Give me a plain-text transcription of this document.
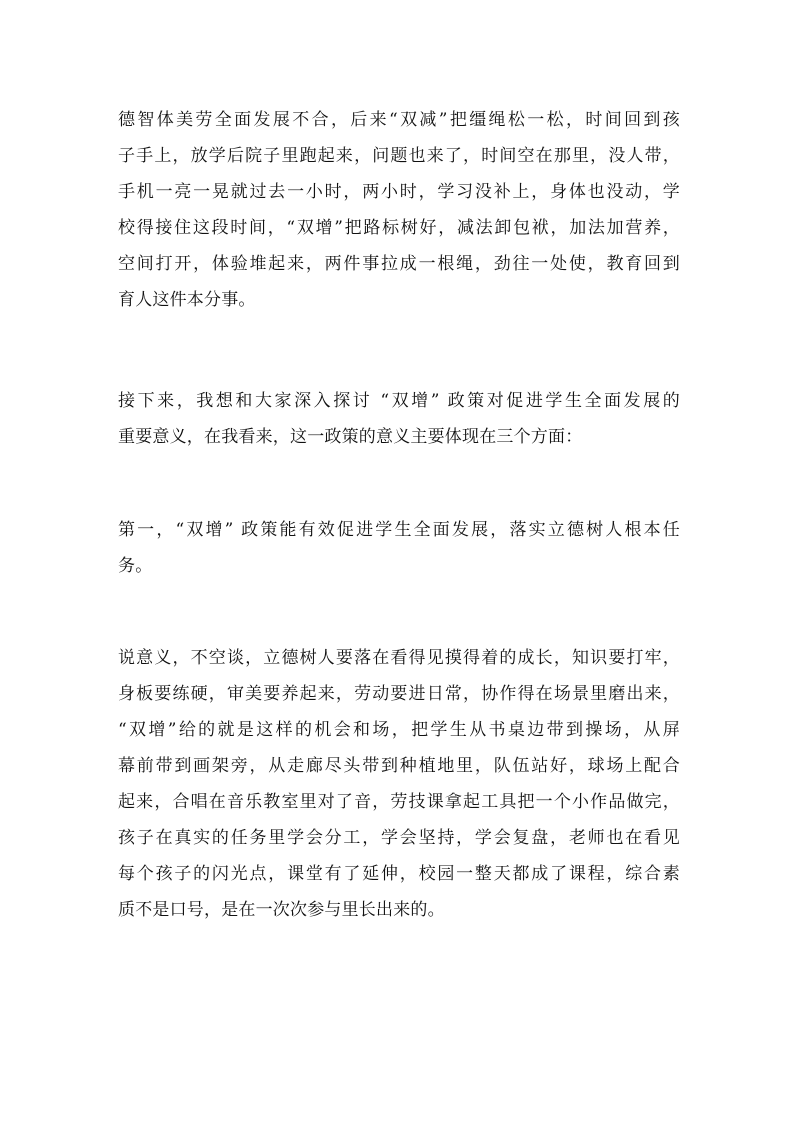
德智体美劳全面发展不合，后来“双减”把缰绳松一松，时间回到孩
子手上，放学后院子里跑起来，问题也来了，时间空在那里，没人带，
手机一亮一晃就过去一小时，两小时，学习没补上，身体也没动，学
校得接住这段时间，“双增”把路标树好，减法卸包袱，加法加营养，
空间打开，体验堆起来，两件事拉成一根绳，劲往一处使，教育回到
育人这件本分事。

接下来，我想和大家深入探讨 “双增” 政策对促进学生全面发展的
重要意义，在我看来，这一政策的意义主要体现在三个方面：

第一，“双增” 政策能有效促进学生全面发展，落实立德树人根本任
务。

说意义，不空谈，立德树人要落在看得见摸得着的成长，知识要打牢，
身板要练硬，审美要养起来，劳动要进日常，协作得在场景里磨出来，
“双增”给的就是这样的机会和场，把学生从书桌边带到操场，从屏
幕前带到画架旁，从走廊尽头带到种植地里，队伍站好，球场上配合
起来，合唱在音乐教室里对了音，劳技课拿起工具把一个小作品做完，
孩子在真实的任务里学会分工，学会坚持，学会复盘，老师也在看见
每个孩子的闪光点，课堂有了延伸，校园一整天都成了课程，综合素
质不是口号，是在一次次参与里长出来的。
